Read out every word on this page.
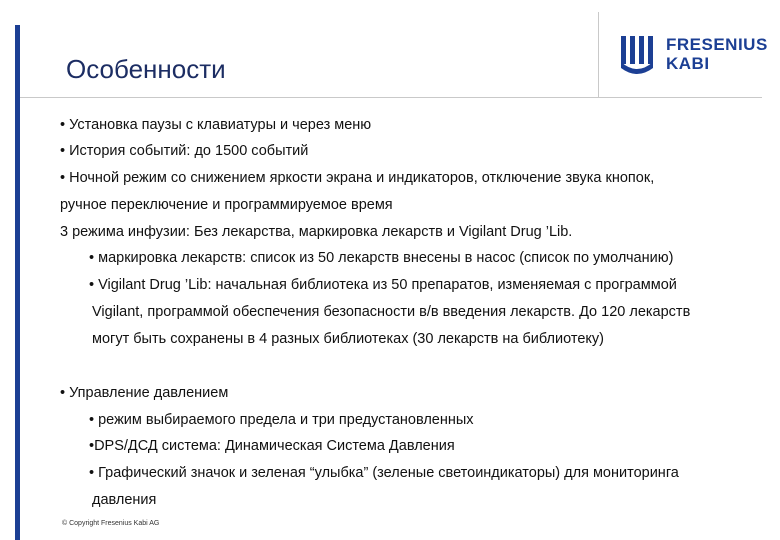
Особенности
FRESENIUS
KABI
• Установка паузы с клавиатуры и через меню
• История событий: до 1500 событий
• Ночной режим со снижением яркости экрана и индикаторов, отключение звука кнопок,
ручное переключение и программируемое время
3 режима инфузии: Без лекарства, маркировка лекарств и Vigilant Drug ’Lib.
• маркировка лекарств: список из 50 лекарств внесены в насос (список по умолчанию)
• Vigilant Drug ’Lib: начальная библиотека из 50 препаратов, изменяемая с программой
Vigilant, программой обеспечения безопасности в/в введения лекарств. До 120 лекарств
могут быть сохранены в 4 разных библиотеках (30 лекарств на библиотеку)
• Управление давлением
• режим выбираемого предела и три предустановленных
•DPS/ДСД система: Динамическая Система Давления
• Графический значок и зеленая “улыбка” (зеленые светоиндикаторы) для мониторинга
давления
© Copyright Fresenius Kabi AG
